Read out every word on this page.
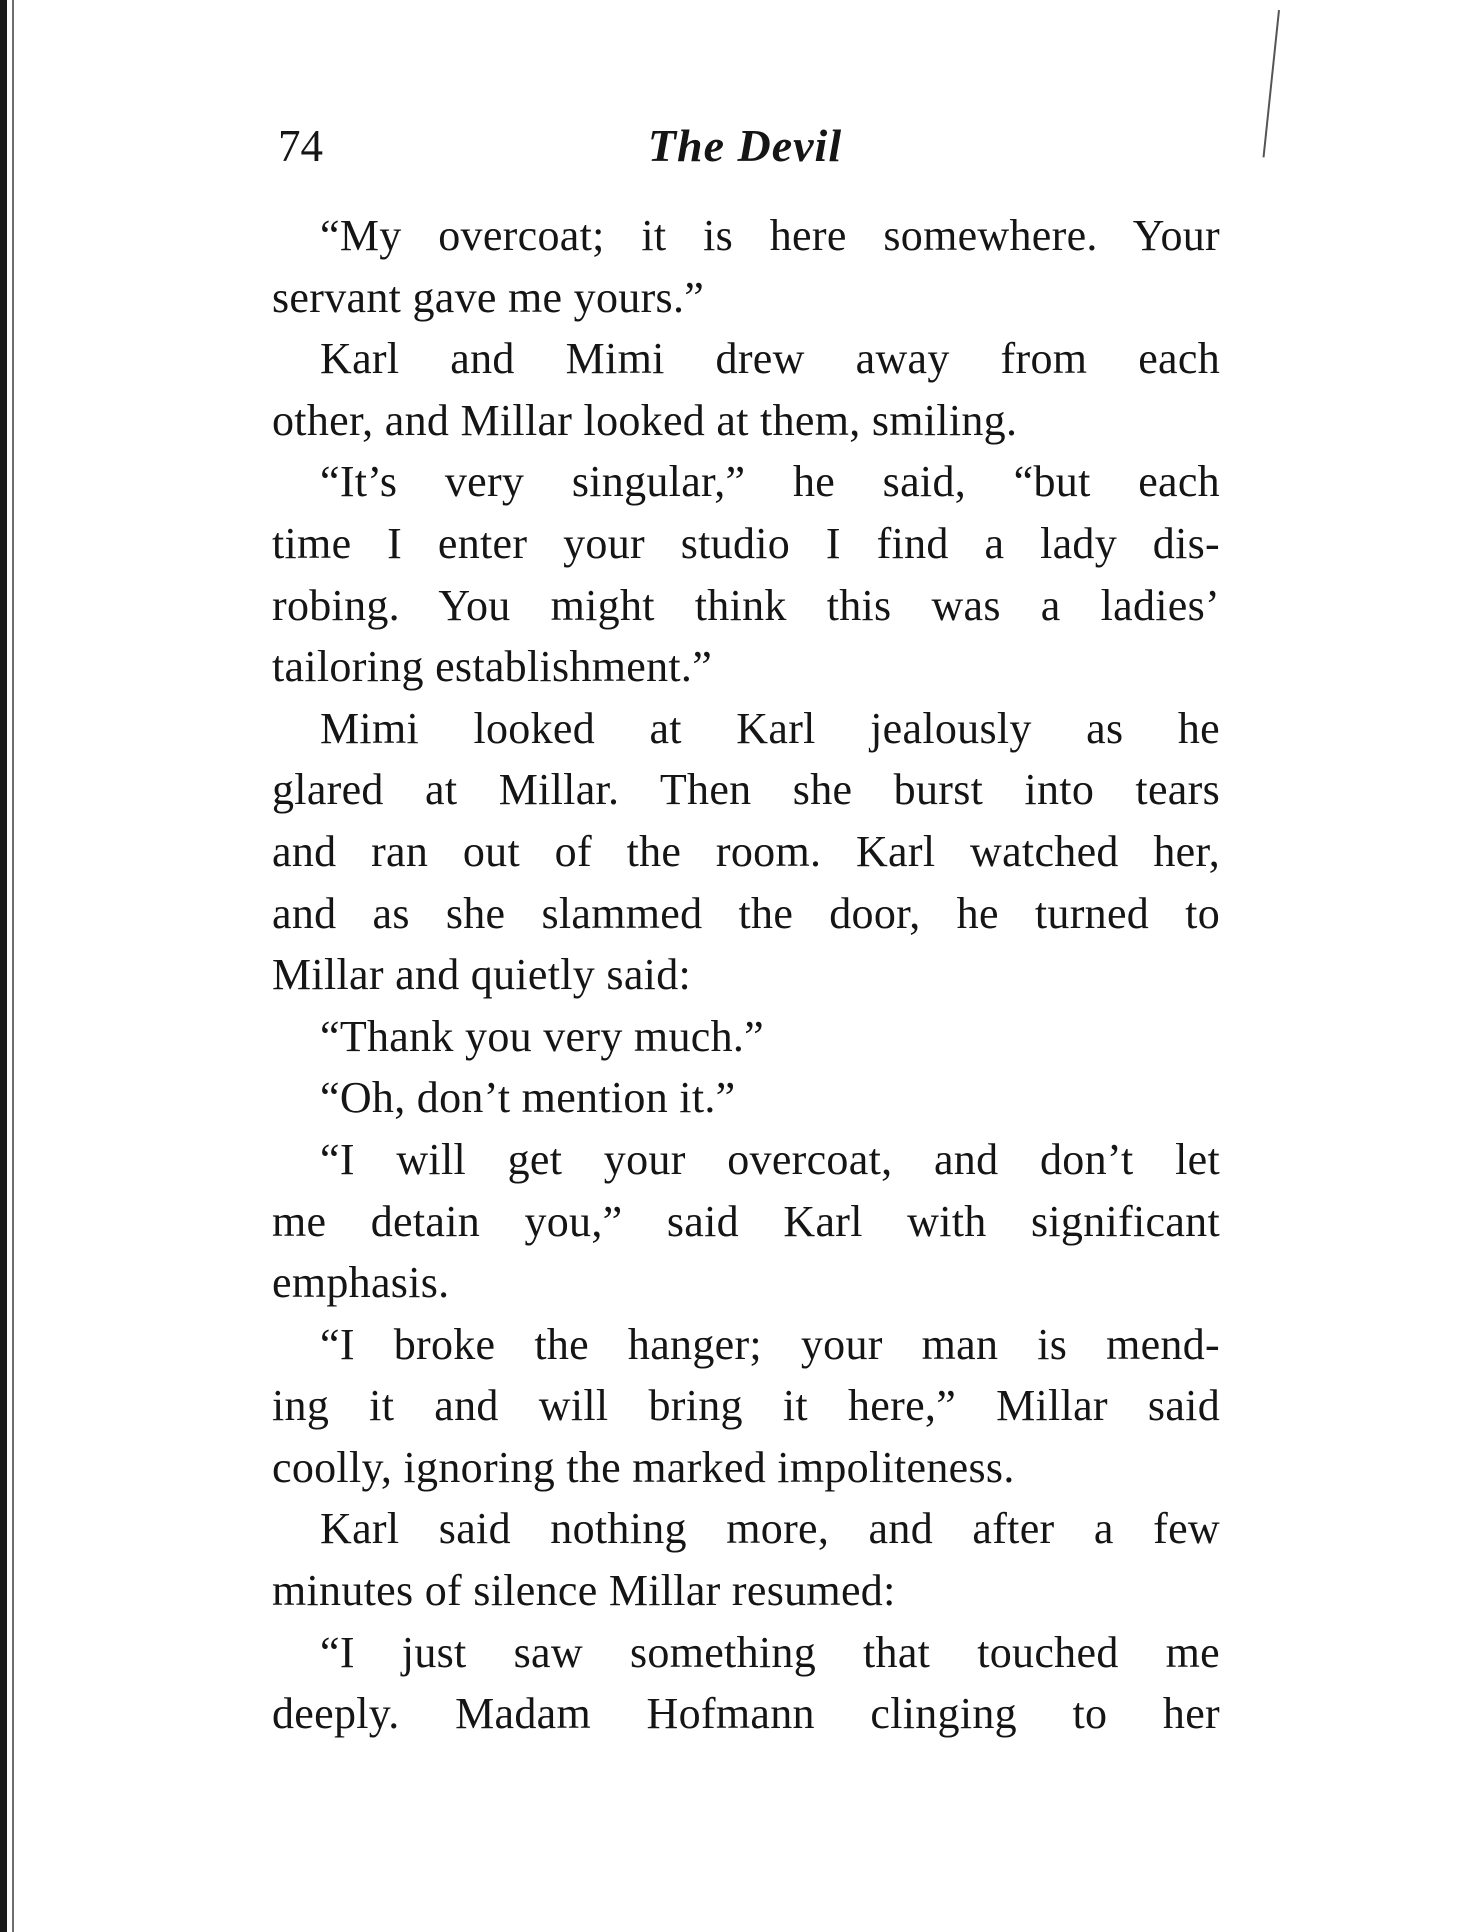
74	The Devil
“My overcoat; it is here somewhere. Your
servant gave me yours.”
Karl and Mimi drew away from each
other, and Millar looked at them, smiling.
“It’s very singular,” he said, “but each
time I enter your studio I find a lady dis-
robing. You might think this was a ladies’
tailoring establishment.”
Mimi looked at Karl jealously as he
glared at Millar. Then she burst into tears
and ran out of the room. Karl watched her,
and as she slammed the door, he turned to
Millar and quietly said:
“Thank you very much.”
“Oh, don’t mention it.”
“I will get your overcoat, and don’t let
me detain you,” said Karl with significant
emphasis.
“I broke the hanger; your man is mend-
ing it and will bring it here,” Millar said
coolly, ignoring the marked impoliteness.
Karl said nothing more, and after a few
minutes of silence Millar resumed:
“I just saw something that touched me
deeply. Madam Hofmann clinging to her
